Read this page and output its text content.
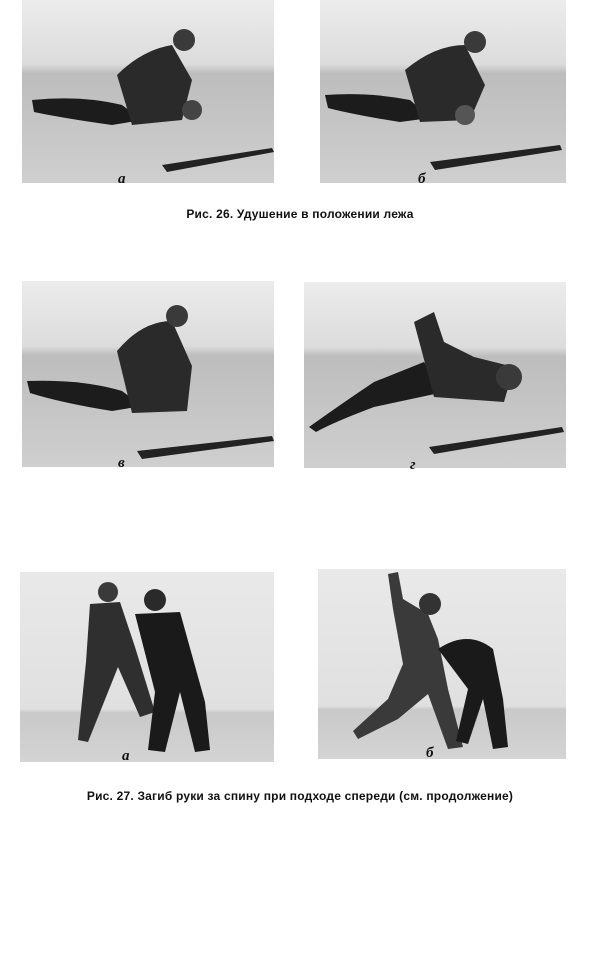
а	б
Рис. 26. Удушение в положении лежа
в	г
а	б
Рис. 27. Загиб руки за спину при подходе спереди (см. продолжение)
